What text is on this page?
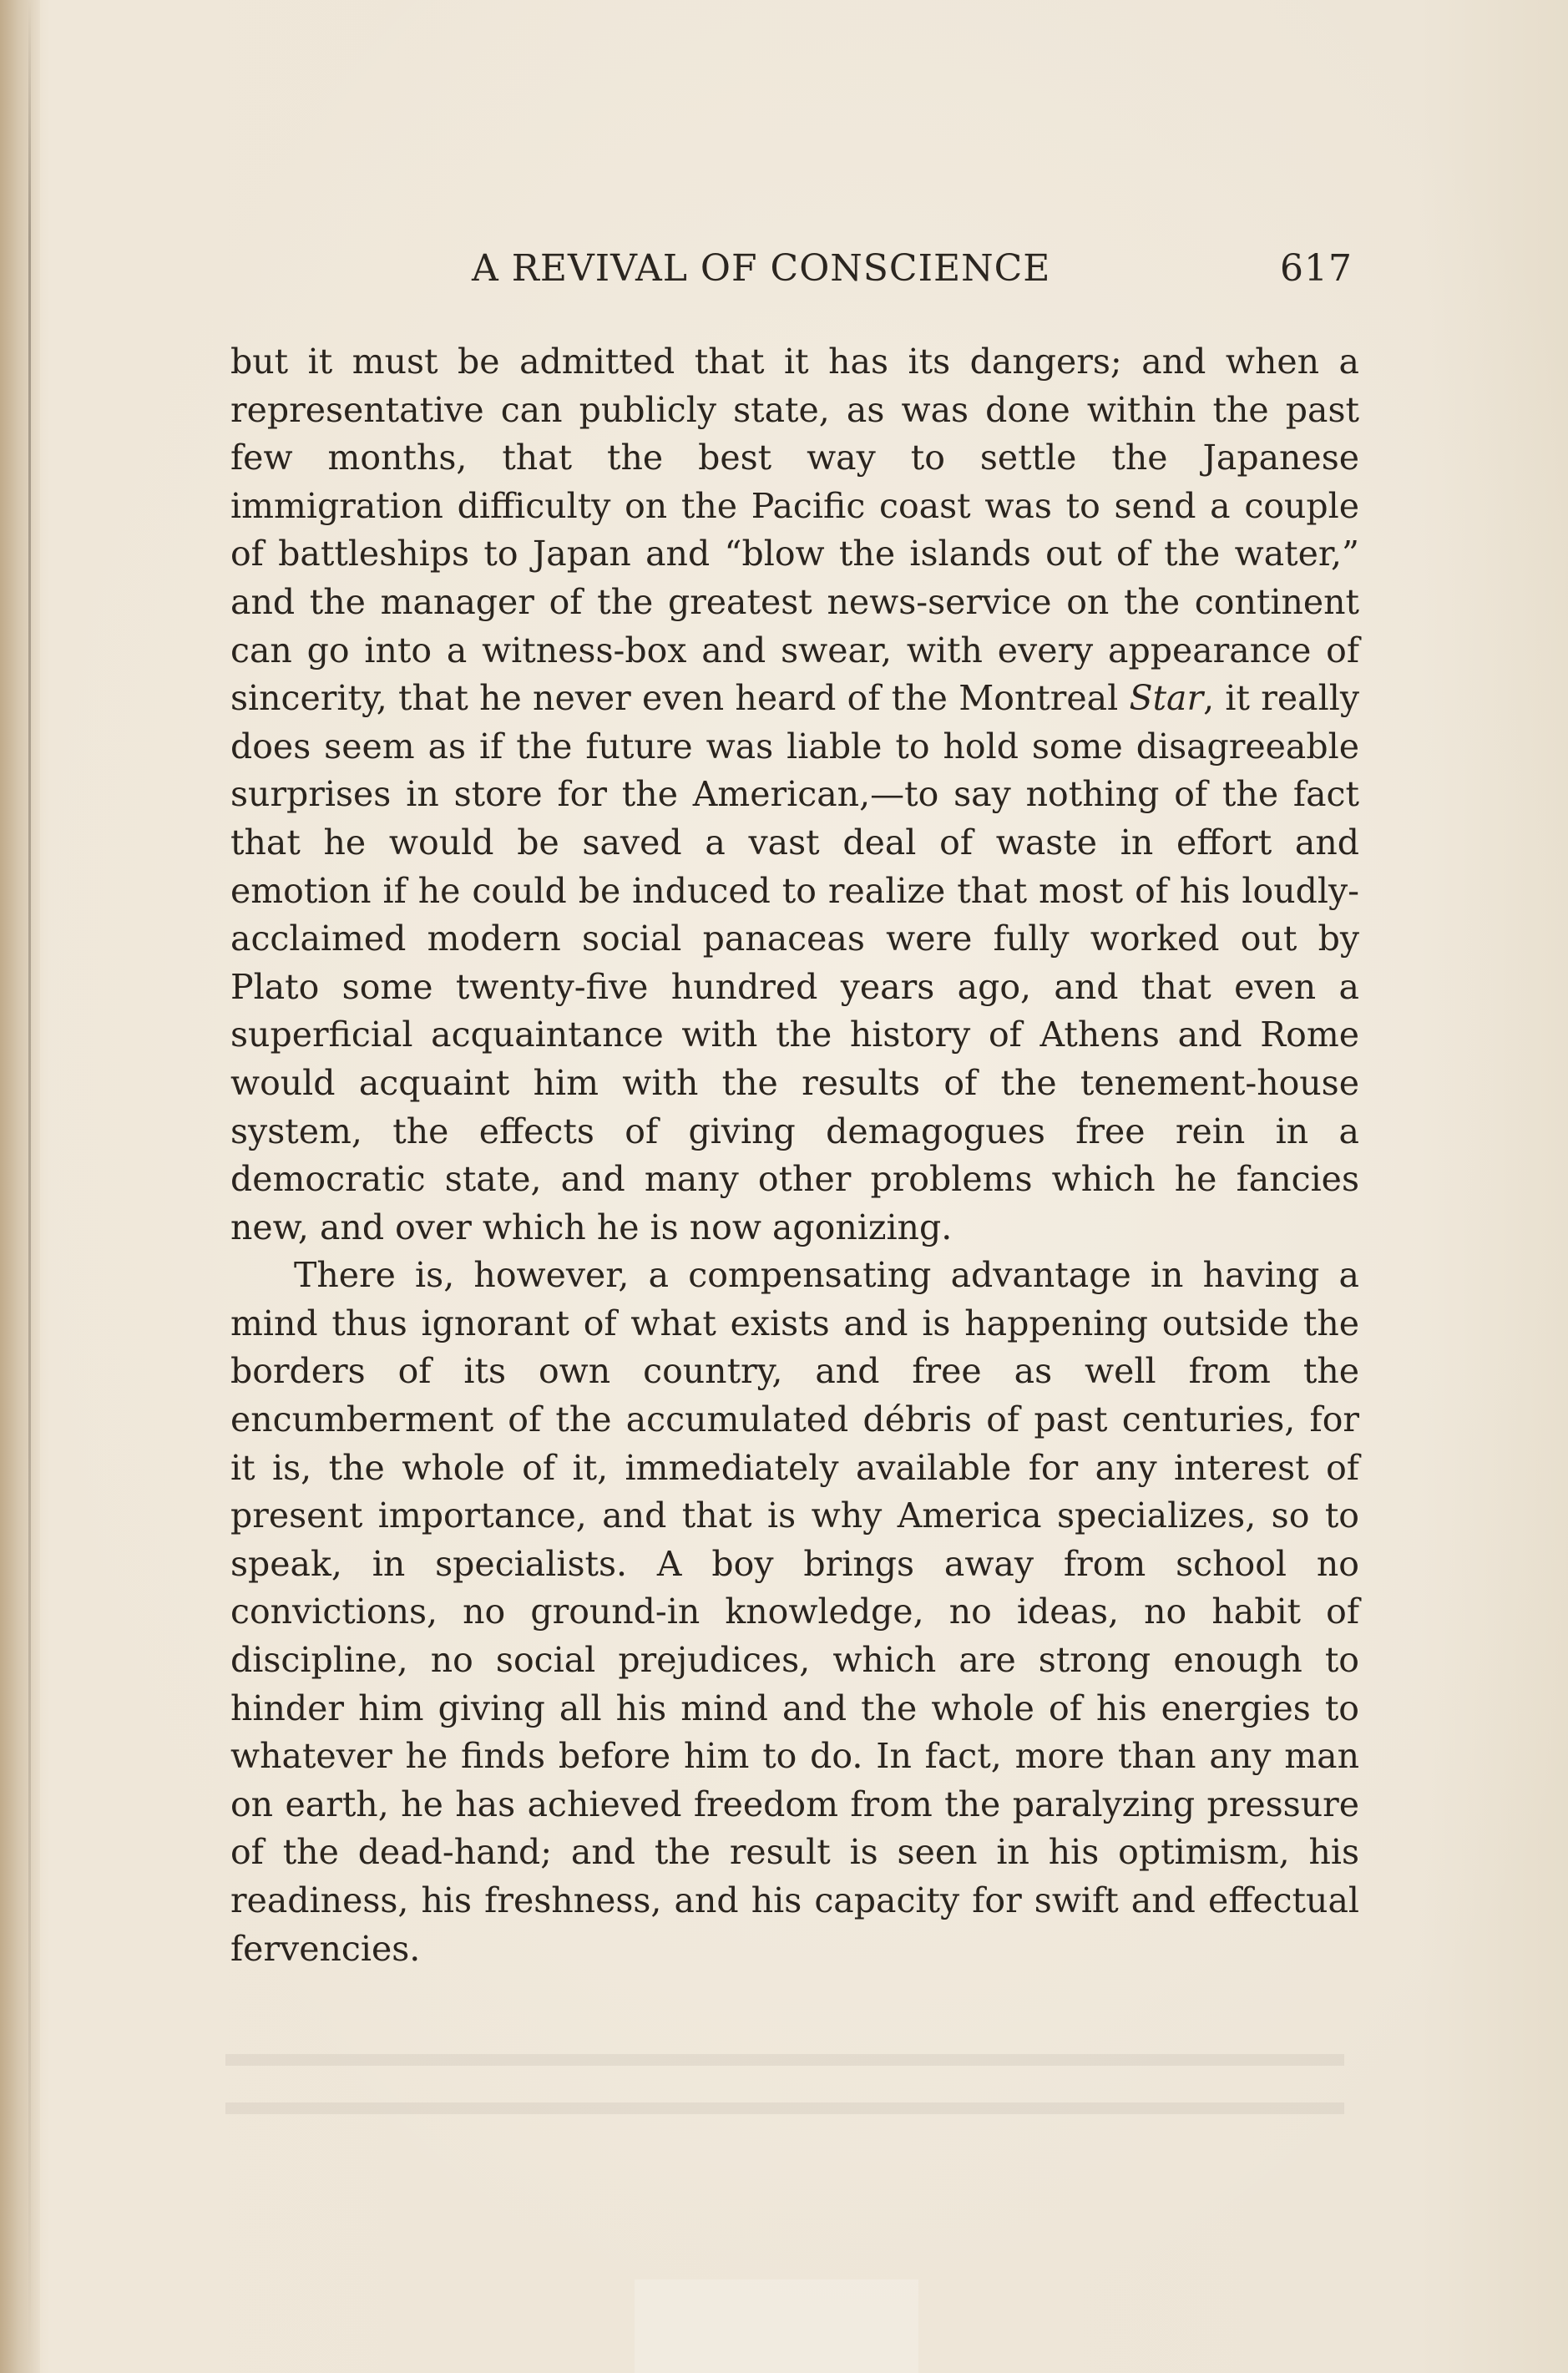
A REVIVAL OF CONSCIENCE	617

but it must be admitted that it has its dangers; and when a representative can publicly state, as was done within the past few months, that the best way to settle the Japanese immigration difficulty on the Pacific coast was to send a couple of battleships to Japan and “blow the islands out of the water,” and the manager of the greatest news-service on the continent can go into a witness-box and swear, with every appearance of sincerity, that he never even heard of the Montreal Star, it really does seem as if the future was liable to hold some disagreeable surprises in store for the American,—to say nothing of the fact that he would be saved a vast deal of waste in effort and emotion if he could be induced to realize that most of his loudly-acclaimed modern social panaceas were fully worked out by Plato some twenty-five hundred years ago, and that even a superficial acquaintance with the history of Athens and Rome would acquaint him with the results of the tenement-house system, the effects of giving demagogues free rein in a democratic state, and many other problems which he fancies new, and over which he is now agonizing.

There is, however, a compensating advantage in having a mind thus ignorant of what exists and is happening outside the borders of its own country, and free as well from the encumberment of the accumulated débris of past centuries, for it is, the whole of it, immediately available for any interest of present importance, and that is why America specializes, so to speak, in specialists. A boy brings away from school no convictions, no ground-in knowledge, no ideas, no habit of discipline, no social prejudices, which are strong enough to hinder him giving all his mind and the whole of his energies to whatever he finds before him to do. In fact, more than any man on earth, he has achieved freedom from the paralyzing pressure of the dead-hand; and the result is seen in his optimism, his readiness, his freshness, and his capacity for swift and effectual fervencies.
